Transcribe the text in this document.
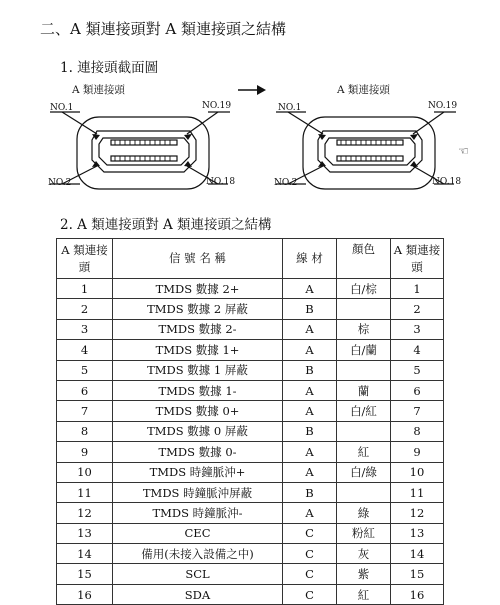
二、A 類連接頭對 A 類連接頭之結構
1. 連接頭截面圖
A 類連接頭
NO.1	NO.19
NO.2	NO.18
A 類連接頭
NO.1	NO.19
NO.2	NO.18
☜
2. A 類連接頭對 A 類連接頭之結構
A 類連接頭	信 號 名 稱	線 材	顏色	A 類連接頭
1	TMDS 數據 2+	A	白/棕	1
2	TMDS 數據 2 屏蔽	B		2
3	TMDS 數據 2-	A	棕	3
4	TMDS 數據 1+	A	白/蘭	4
5	TMDS 數據 1 屏蔽	B		5
6	TMDS 數據 1-	A	蘭	6
7	TMDS 數據 0+	A	白/紅	7
8	TMDS 數據 0 屏蔽	B		8
9	TMDS 數據 0-	A	紅	9
10	TMDS 時鐘脈沖+	A	白/綠	10
11	TMDS 時鐘脈沖屏蔽	B		11
12	TMDS 時鐘脈沖-	A	綠	12
13	CEC	C	粉紅	13
14	備用(未接入設備之中)	C	灰	14
15	SCL	C	紫	15
16	SDA	C	紅	16
